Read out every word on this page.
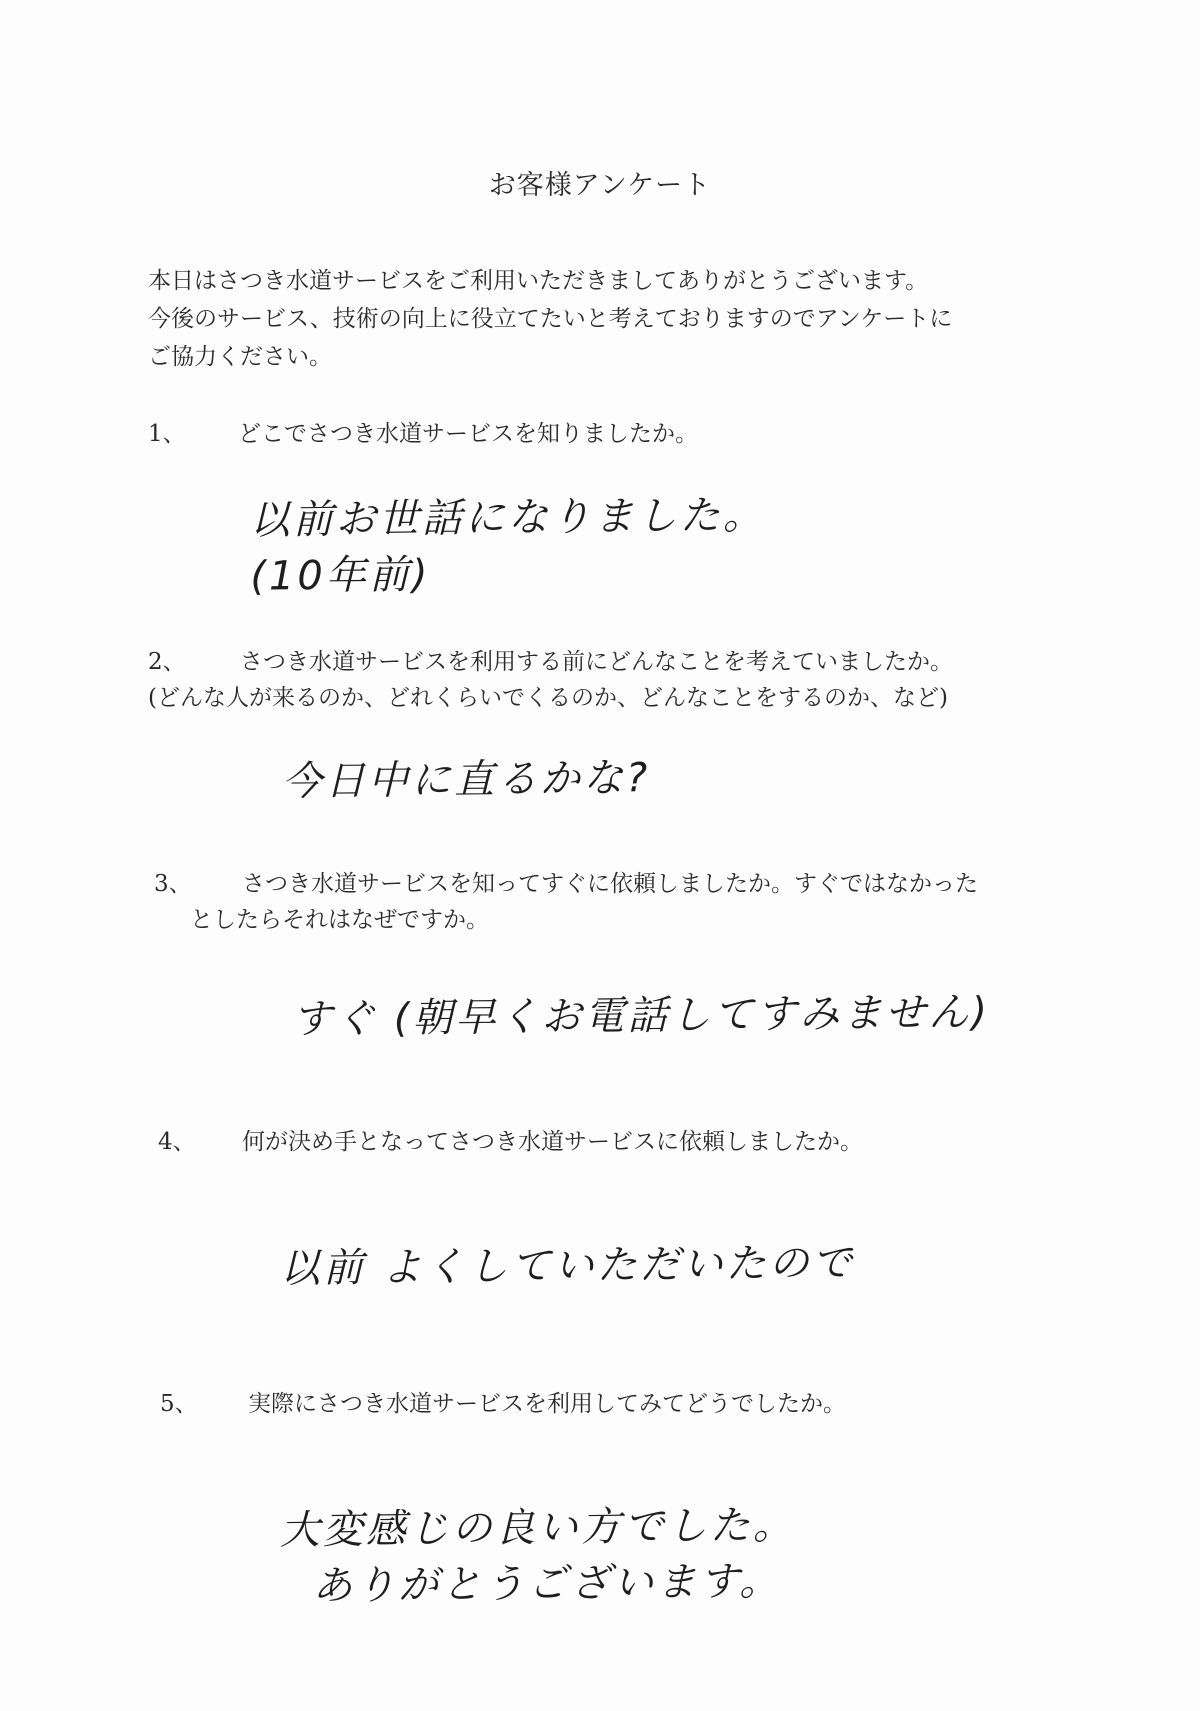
お客様アンケート
本日はさつき水道サービスをご利用いただきましてありがとうございます。
今後のサービス、技術の向上に役立てたいと考えておりますのでアンケートに
ご協力ください。
1、 どこでさつき水道サービスを知りましたか。
以前お世話になりました。
(10年前)
2、 さつき水道サービスを利用する前にどんなことを考えていましたか。
(どんな人が来るのか、どれくらいでくるのか、どんなことをするのか、など)
今日中に直るかな?
3、 さつき水道サービスを知ってすぐに依頼しましたか。すぐではなかった
としたらそれはなぜですか。
すぐ (朝早くお電話してすみません)
4、 何が決め手となってさつき水道サービスに依頼しましたか。
以前 よくしていただいたので
5、 実際にさつき水道サービスを利用してみてどうでしたか。
大変感じの良い方でした。
ありがとうございます。
